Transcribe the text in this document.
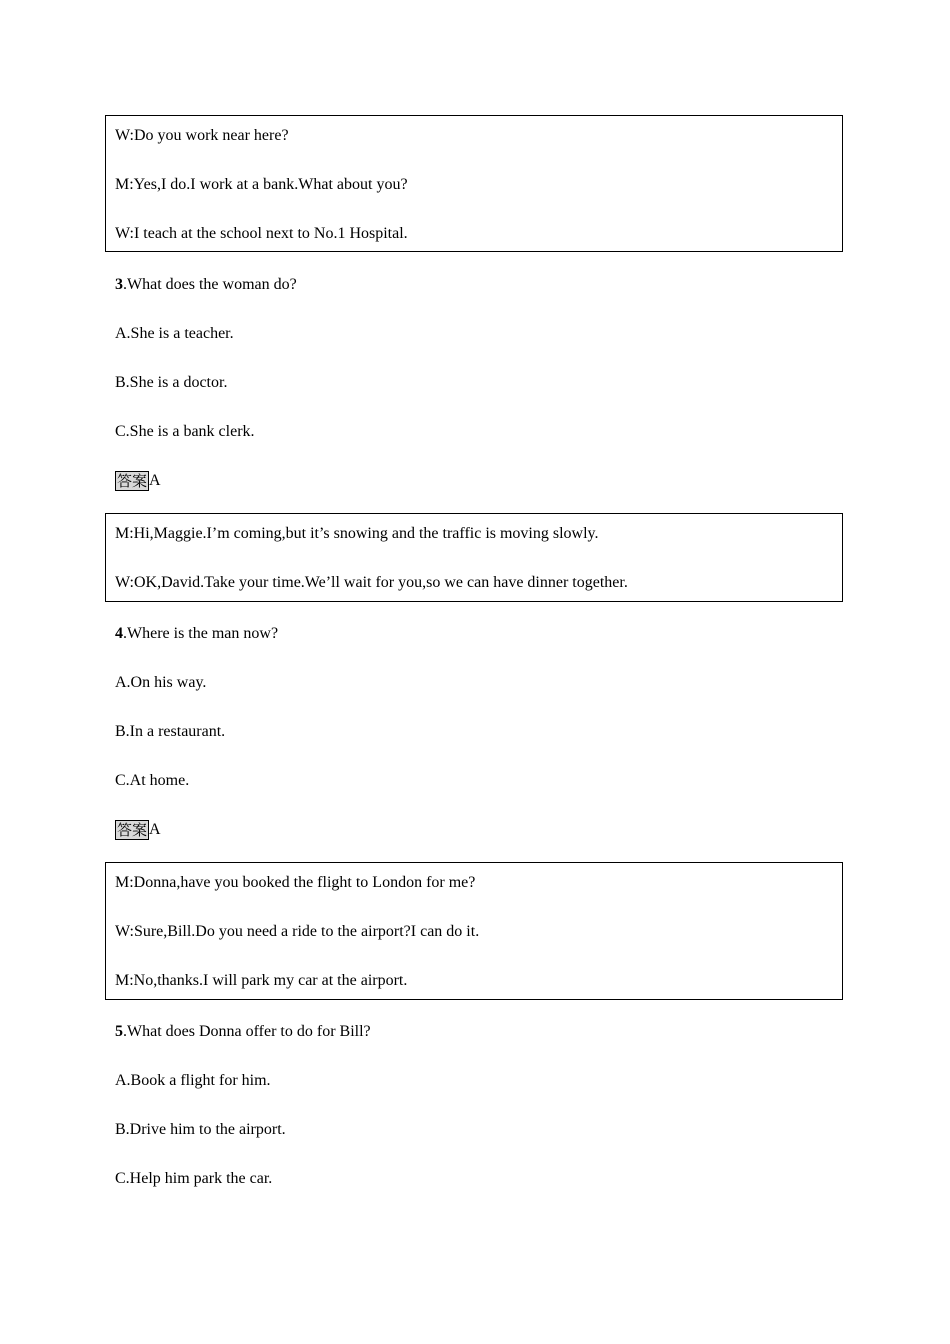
W:Do you work near here?
M:Yes,I do.I work at a bank.What about you?
W:I teach at the school next to No.1 Hospital.
3.What does the woman do?
A.She is a teacher.
B.She is a doctor.
C.She is a bank clerk.
答案 A
M:Hi,Maggie.I’m coming,but it’s snowing and the traffic is moving slowly.
W:OK,David.Take your time.We’ll wait for you,so we can have dinner together.
4.Where is the man now?
A.On his way.
B.In a restaurant.
C.At home.
答案 A
M:Donna,have you booked the flight to London for me?
W:Sure,Bill.Do you need a ride to the airport?I can do it.
M:No,thanks.I will park my car at the airport.
5.What does Donna offer to do for Bill?
A.Book a flight for him.
B.Drive him to the airport.
C.Help him park the car.
